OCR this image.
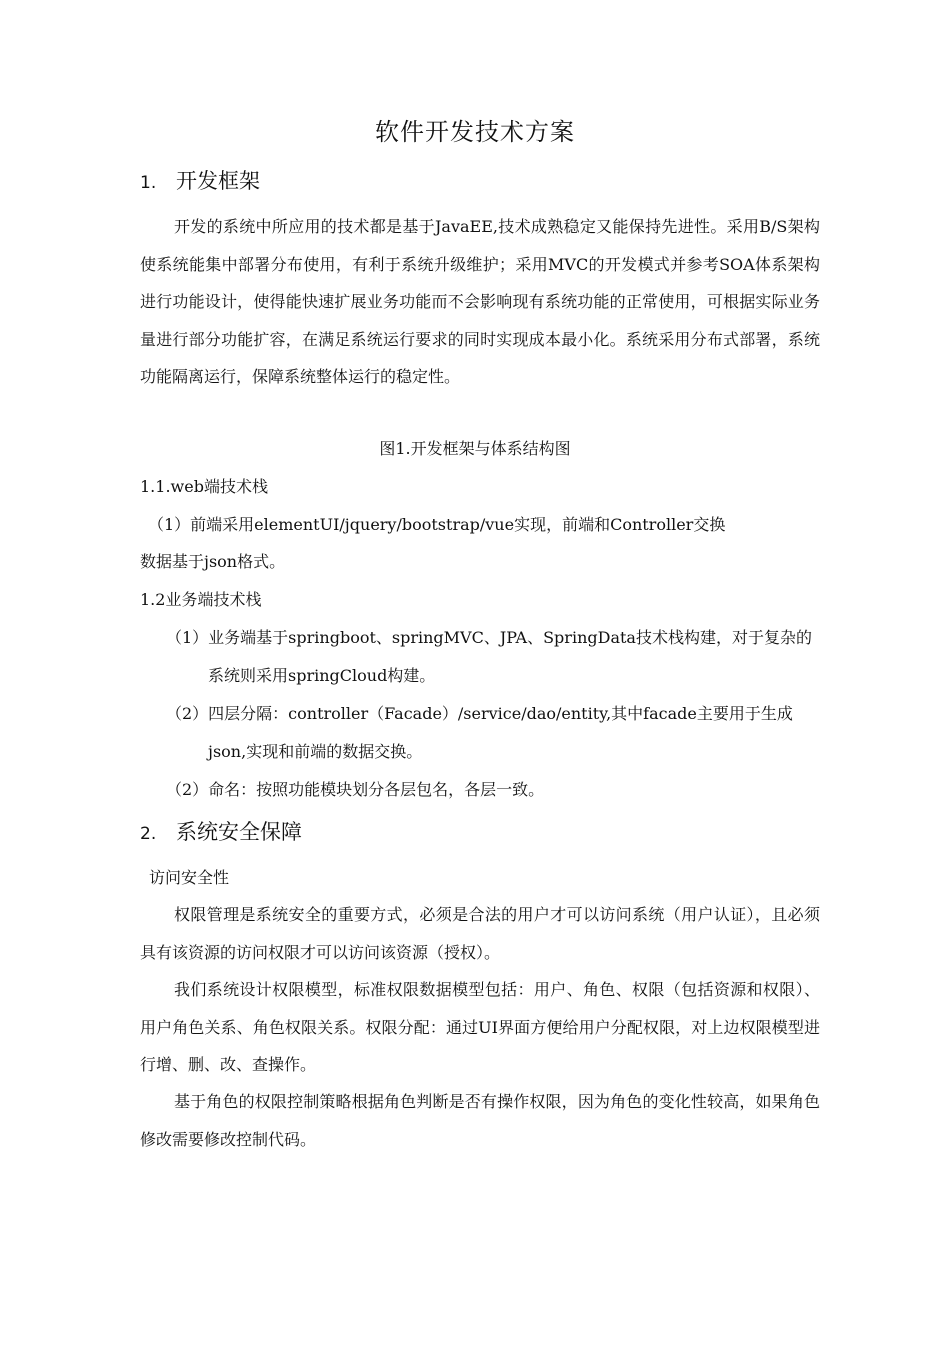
软件开发技术方案
1. 开发框架
开发的系统中所应用的技术都是基于JavaEE,技术成熟稳定又能保持先进性。采用B/S架构使系统能集中部署分布使用，有利于系统升级维护；采用MVC的开发模式并参考SOA体系架构进行功能设计，使得能快速扩展业务功能而不会影响现有系统功能的正常使用，可根据实际业务量进行部分功能扩容，在满足系统运行要求的同时实现成本最小化。系统采用分布式部署，系统功能隔离运行，保障系统整体运行的稳定性。
图1.开发框架与体系结构图
1.1.web端技术栈
（1）前端采用elementUI/jquery/bootstrap/vue实现，前端和Controller交换
数据基于json格式。
1.2业务端技术栈
（1）业务端基于springboot、springMVC、JPA、SpringData技术栈构建，对于复杂的系统则采用springCloud构建。
（2）四层分隔：controller（Facade）/service/dao/entity,其中facade主要用于生成json,实现和前端的数据交换。
（2）命名：按照功能模块划分各层包名，各层一致。
2. 系统安全保障
访问安全性
权限管理是系统安全的重要方式，必须是合法的用户才可以访问系统（用户认证），且必须具有该资源的访问权限才可以访问该资源（授权）。
我们系统设计权限模型，标准权限数据模型包括：用户、角色、权限（包括资源和权限）、用户角色关系、角色权限关系。权限分配：通过UI界面方便给用户分配权限，对上边权限模型进行增、删、改、查操作。
基于角色的权限控制策略根据角色判断是否有操作权限，因为角色的变化性较高，如果角色修改需要修改控制代码。
